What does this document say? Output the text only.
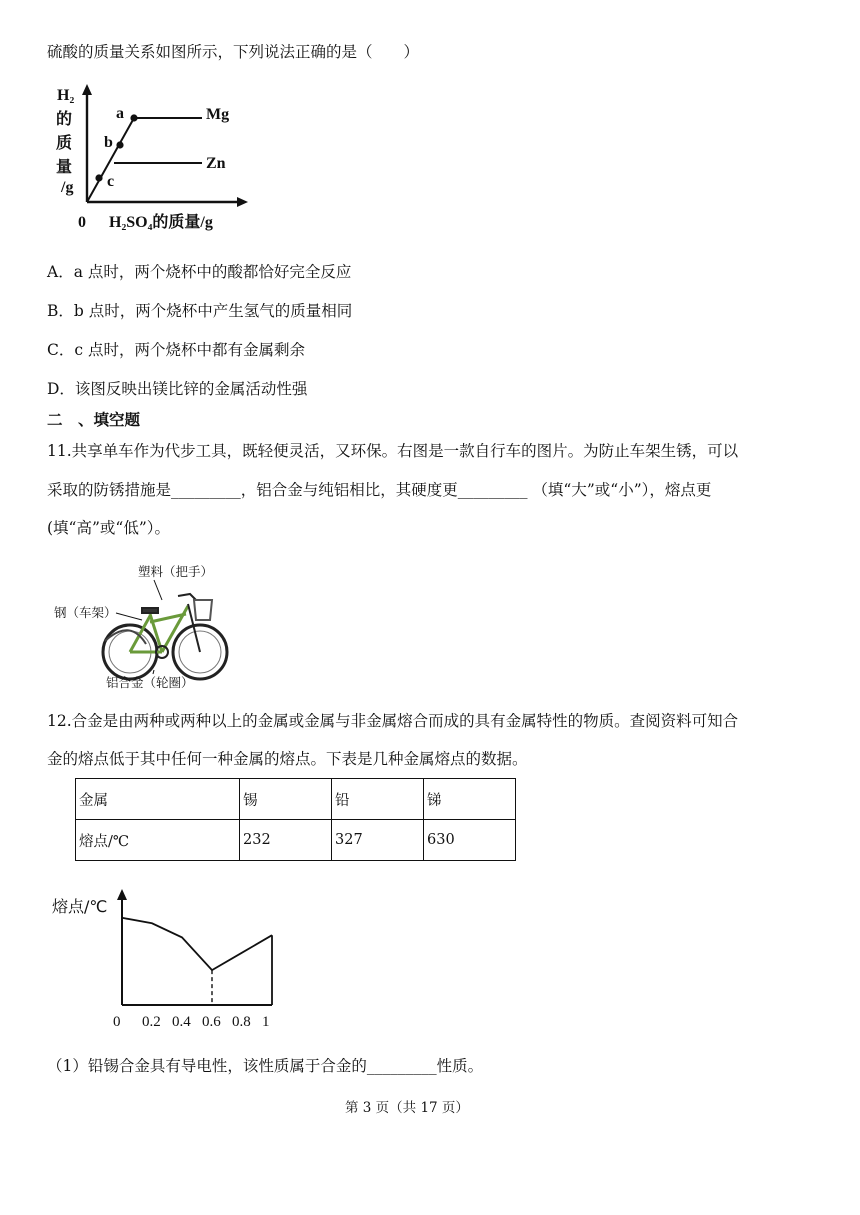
硫酸的质量关系如图所示，下列说法正确的是（　　）
H₂
的
质
量
/g
a
b
c
Mg
Zn
0 H₂SO₄的质量/g
A．a 点时，两个烧杯中的酸都恰好完全反应
B．b 点时，两个烧杯中产生氢气的质量相同
C．c 点时，两个烧杯中都有金属剩余
D．该图反映出镁比锌的金属活动性强
二　、填空题
11.共享单车作为代步工具，既轻便灵活，又环保。右图是一款自行车的图片。为防止车架生锈，可以
采取的防锈措施是_________，铝合金与纯铝相比，其硬度更_________ （填“大”或“小”），熔点更
(填“高”或“低”）。
塑料（把手）
钢（车架）
铝合金（轮圈）
12.合金是由两种或两种以上的金属或金属与非金属熔合而成的具有金属特性的物质。查阅资料可知合
金的熔点低于其中任何一种金属的熔点。下表是几种金属熔点的数据。
金属	锡	铅	锑
熔点/℃	232	327	630
熔点/℃
0 0.2 0.4 0.6 0.8 1
（1）铅锡合金具有导电性，该性质属于合金的_________性质。
第 3 页（共 17 页）
